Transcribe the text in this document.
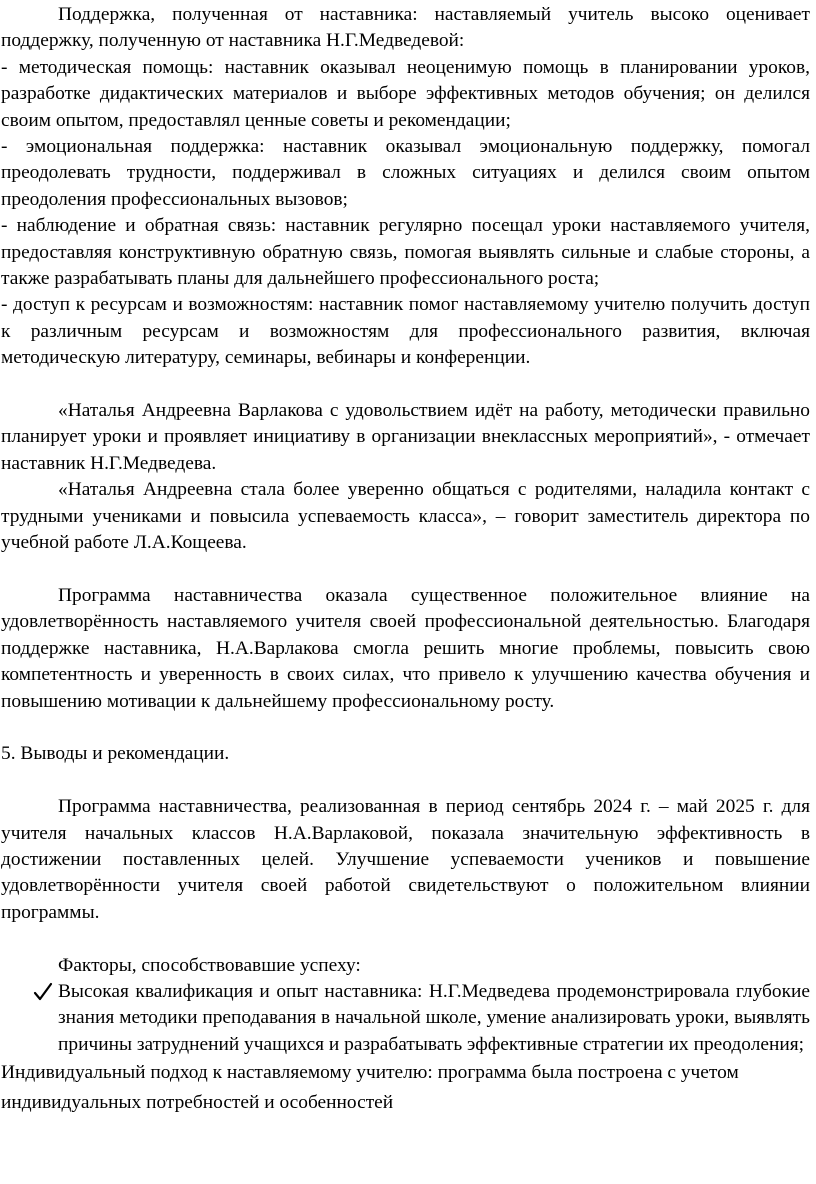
Поддержка, полученная от наставника: наставляемый учитель высоко оценивает поддержку, полученную от наставника Н.Г.Медведевой:

- методическая помощь: наставник оказывал неоценимую помощь в планировании уроков, разработке дидактических материалов и выборе эффективных методов обучения; он делился своим опытом, предоставлял ценные советы и рекомендации;

- эмоциональная поддержка: наставник оказывал эмоциональную поддержку, помогал преодолевать трудности, поддерживал в сложных ситуациях и делился своим опытом преодоления профессиональных вызовов;

- наблюдение и обратная связь: наставник регулярно посещал уроки наставляемого учителя, предоставляя конструктивную обратную связь, помогая выявлять сильные и слабые стороны, а также разрабатывать планы для дальнейшего профессионального роста;

- доступ к ресурсам и возможностям: наставник помог наставляемому учителю получить доступ к различным ресурсам и возможностям для профессионального развития, включая методическую литературу, семинары, вебинары и конференции.

«Наталья Андреевна Варлакова с удовольствием идёт на работу, методически правильно планирует уроки и проявляет инициативу в организации внеклассных мероприятий», - отмечает наставник Н.Г.Медведева.

«Наталья Андреевна стала более уверенно общаться с родителями, наладила контакт с трудными учениками и повысила успеваемость класса», – говорит заместитель директора по учебной работе Л.А.Кощеева.

Программа наставничества оказала существенное положительное влияние на удовлетворённость наставляемого учителя своей профессиональной деятельностью. Благодаря поддержке наставника, Н.А.Варлакова смогла решить многие проблемы, повысить свою компетентность и уверенность в своих силах, что привело к улучшению качества обучения и повышению мотивации к дальнейшему профессиональному росту.

5. Выводы и рекомендации.

Программа наставничества, реализованная в период сентябрь 2024 г. – май 2025 г. для учителя начальных классов Н.А.Варлаковой, показала значительную эффективность в достижении поставленных целей. Улучшение успеваемости учеников и повышение удовлетворённости учителя своей работой свидетельствуют о положительном влиянии программы.

Факторы, способствовавшие успеху:

Высокая квалификация и опыт наставника: Н.Г.Медведева продемонстрировала глубокие знания методики преподавания в начальной школе, умение анализировать уроки, выявлять причины затруднений учащихся и разрабатывать эффективные стратегии их преодоления;

Индивидуальный подход к наставляемому учителю: программа была построена с учетом индивидуальных потребностей и особенностей
